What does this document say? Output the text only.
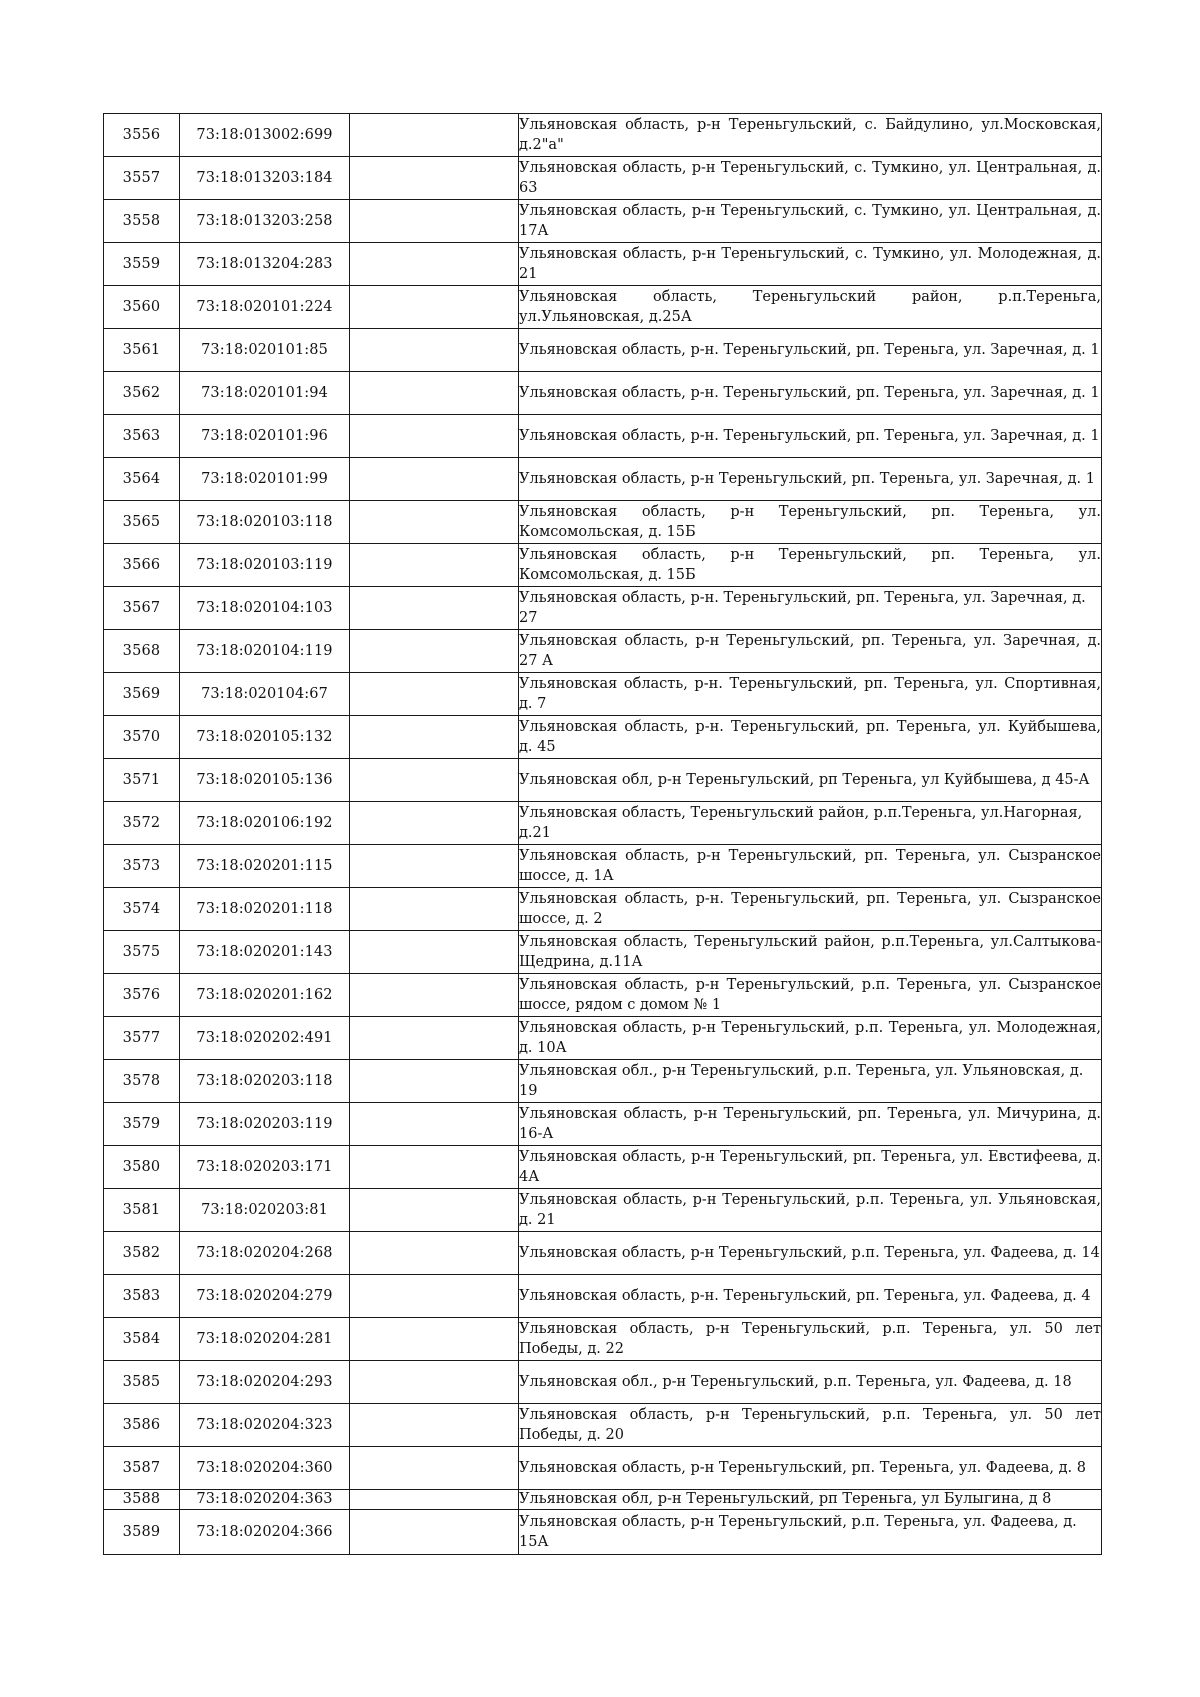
3556	73:18:013002:699		Ульяновская область, р-н Тереньгульский, с. Байдулино, ул.Московская, д.2"а"
3557	73:18:013203:184		Ульяновская область, р-н Тереньгульский, с. Тумкино, ул. Центральная, д. 63
3558	73:18:013203:258		Ульяновская область, р-н Тереньгульский, с. Тумкино, ул. Центральная, д. 17А
3559	73:18:013204:283		Ульяновская область, р-н Тереньгульский, с. Тумкино, ул. Молодежная, д. 21
3560	73:18:020101:224		Ульяновская область, Тереньгульский район, р.п.Тереньга, ул.Ульяновская, д.25А
3561	73:18:020101:85		Ульяновская область, р-н. Тереньгульский, рп. Тереньга, ул. Заречная, д. 1
3562	73:18:020101:94		Ульяновская область, р-н. Тереньгульский, рп. Тереньга, ул. Заречная, д. 1
3563	73:18:020101:96		Ульяновская область, р-н. Тереньгульский, рп. Тереньга, ул. Заречная, д. 1
3564	73:18:020101:99		Ульяновская область, р-н Тереньгульский, рп. Тереньга, ул. Заречная, д. 1
3565	73:18:020103:118		Ульяновская область, р-н Тереньгульский, рп. Тереньга, ул. Комсомольская, д. 15Б
3566	73:18:020103:119		Ульяновская область, р-н Тереньгульский, рп. Тереньга, ул. Комсомольская, д. 15Б
3567	73:18:020104:103		Ульяновская область, р-н. Тереньгульский, рп. Тереньга, ул. Заречная, д. 27
3568	73:18:020104:119		Ульяновская область, р-н Тереньгульский, рп. Тереньга, ул. Заречная, д. 27 А
3569	73:18:020104:67		Ульяновская область, р-н. Тереньгульский, рп. Тереньга, ул. Спортивная, д. 7
3570	73:18:020105:132		Ульяновская область, р-н. Тереньгульский, рп. Тереньга, ул. Куйбышева, д. 45
3571	73:18:020105:136		Ульяновская обл, р-н Тереньгульский, рп Тереньга, ул Куйбышева, д 45-А
3572	73:18:020106:192		Ульяновская область, Тереньгульский район, р.п.Тереньга, ул.Нагорная, д.21
3573	73:18:020201:115		Ульяновская область, р-н Тереньгульский, рп. Тереньга, ул. Сызранское шоссе, д. 1А
3574	73:18:020201:118		Ульяновская область, р-н. Тереньгульский, рп. Тереньга, ул. Сызранское шоссе, д. 2
3575	73:18:020201:143		Ульяновская область, Тереньгульский район, р.п.Тереньга, ул.Салтыкова-Щедрина, д.11А
3576	73:18:020201:162		Ульяновская область, р-н Тереньгульский, р.п. Тереньга, ул. Сызранское шоссе, рядом с домом № 1
3577	73:18:020202:491		Ульяновская область, р-н Тереньгульский, р.п. Тереньга, ул. Молодежная, д. 10А
3578	73:18:020203:118		Ульяновская обл., р-н Тереньгульский, р.п. Тереньга, ул. Ульяновская, д. 19
3579	73:18:020203:119		Ульяновская область, р-н Тереньгульский, рп. Тереньга, ул. Мичурина, д. 16-А
3580	73:18:020203:171		Ульяновская область, р-н Тереньгульский, рп. Тереньга, ул. Евстифеева, д. 4А
3581	73:18:020203:81		Ульяновская область, р-н Тереньгульский, р.п. Тереньга, ул. Ульяновская, д. 21
3582	73:18:020204:268		Ульяновская область, р-н Тереньгульский, р.п. Тереньга, ул. Фадеева, д. 14
3583	73:18:020204:279		Ульяновская область, р-н. Тереньгульский, рп. Тереньга, ул. Фадеева, д. 4
3584	73:18:020204:281		Ульяновская область, р-н Тереньгульский, р.п. Тереньга, ул. 50 лет Победы, д. 22
3585	73:18:020204:293		Ульяновская обл., р-н Тереньгульский, р.п. Тереньга, ул. Фадеева, д. 18
3586	73:18:020204:323		Ульяновская область, р-н Тереньгульский, р.п. Тереньга, ул. 50 лет Победы, д. 20
3587	73:18:020204:360		Ульяновская область, р-н Тереньгульский, рп. Тереньга, ул. Фадеева, д. 8
3588	73:18:020204:363		Ульяновская обл, р-н Тереньгульский, рп Тереньга, ул Булыгина, д 8
3589	73:18:020204:366		Ульяновская область, р-н Тереньгульский, р.п. Тереньга, ул. Фадеева, д. 15А
